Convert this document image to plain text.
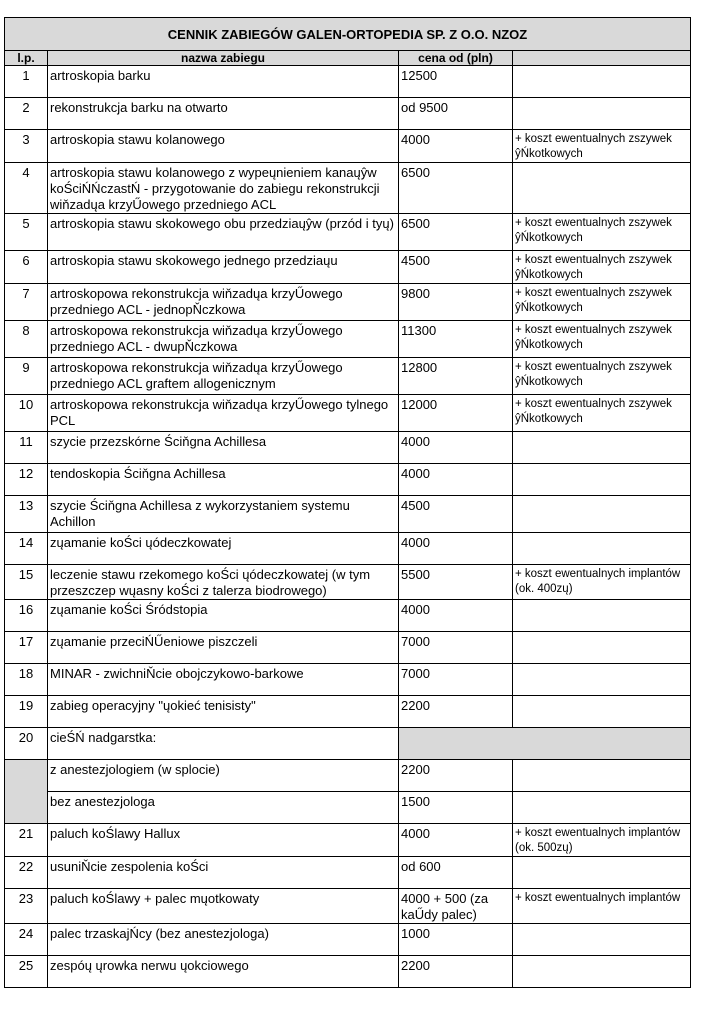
CENNIK ZABIEGÓW GALEN-ORTOPEDIA SP. Z O.O. NZOZ			
l.p.	nazwa zabiegu	cena od (pln)	
1	artroskopia barku	12500	
2	rekonstrukcja barku na otwarto	od 9500	
3	artroskopia stawu kolanowego	4000	+ koszt ewentualnych zszywek ŷŃkotkowych
4	artroskopia stawu kolanowego z wypeųnieniem kanaųŷw koŚciŃŃczastŃ - przygotowanie do zabiegu rekonstrukcji wiňzadųa krzyŰowego przedniego ACL	6500	
5	artroskopia stawu skokowego obu przedziaųŷw (przód i tyų)	6500	+ koszt ewentualnych zszywek ŷŃkotkowych
6	artroskopia stawu skokowego jednego przedziaųu	4500	+ koszt ewentualnych zszywek ŷŃkotkowych
7	artroskopowa rekonstrukcja wiňzadųa krzyŰowego przedniego ACL - jednopŇczkowa	9800	+ koszt ewentualnych zszywek ŷŃkotkowych
8	artroskopowa rekonstrukcja wiňzadųa krzyŰowego przedniego ACL - dwupŇczkowa	11300	+ koszt ewentualnych zszywek ŷŃkotkowych
9	artroskopowa rekonstrukcja wiňzadųa krzyŰowego przedniego ACL graftem allogenicznym	12800	+ koszt ewentualnych zszywek ŷŃkotkowych
10	artroskopowa rekonstrukcja wiňzadųa krzyŰowego tylnego PCL	12000	+ koszt ewentualnych zszywek ŷŃkotkowych
11	szycie przezskórne Ściňgna Achillesa	4000	
12	tendoskopia Ściňgna Achillesa	4000	
13	szycie Ściňgna Achillesa z wykorzystaniem systemu Achillon	4500	
14	zųamanie koŚci ųódeczkowatej	4000	
15	leczenie stawu rzekomego koŚci ųódeczkowatej (w tym przeszczep wųasny koŚci z talerza biodrowego)	5500	+ koszt ewentualnych implantów (ok. 400zų)
16	zųamanie koŚci Śródstopia	4000	
17	zųamanie przeciŃŰeniowe piszczeli	7000	
18	MINAR - zwichniŇcie obojczykowo-barkowe	7000	
19	zabieg operacyjny "ųokieć tenisisty"	2200	
20	cieŚŃ nadgarstka:		
	z anestezjologiem (w splocie)	2200	
	bez anestezjologa	1500	
21	paluch koŚlawy Hallux	4000	+ koszt ewentualnych implantów (ok. 500zų)
22	usuniŇcie zespolenia koŚci	od 600	
23	paluch koŚlawy + palec mųotkowaty	4000 + 500 (za kaŰdy palec)	+ koszt ewentualnych implantów
24	palec trzaskajŃcy (bez anestezjologa)	1000	
25	zespóų ųrowka nerwu ųokciowego	2200	
